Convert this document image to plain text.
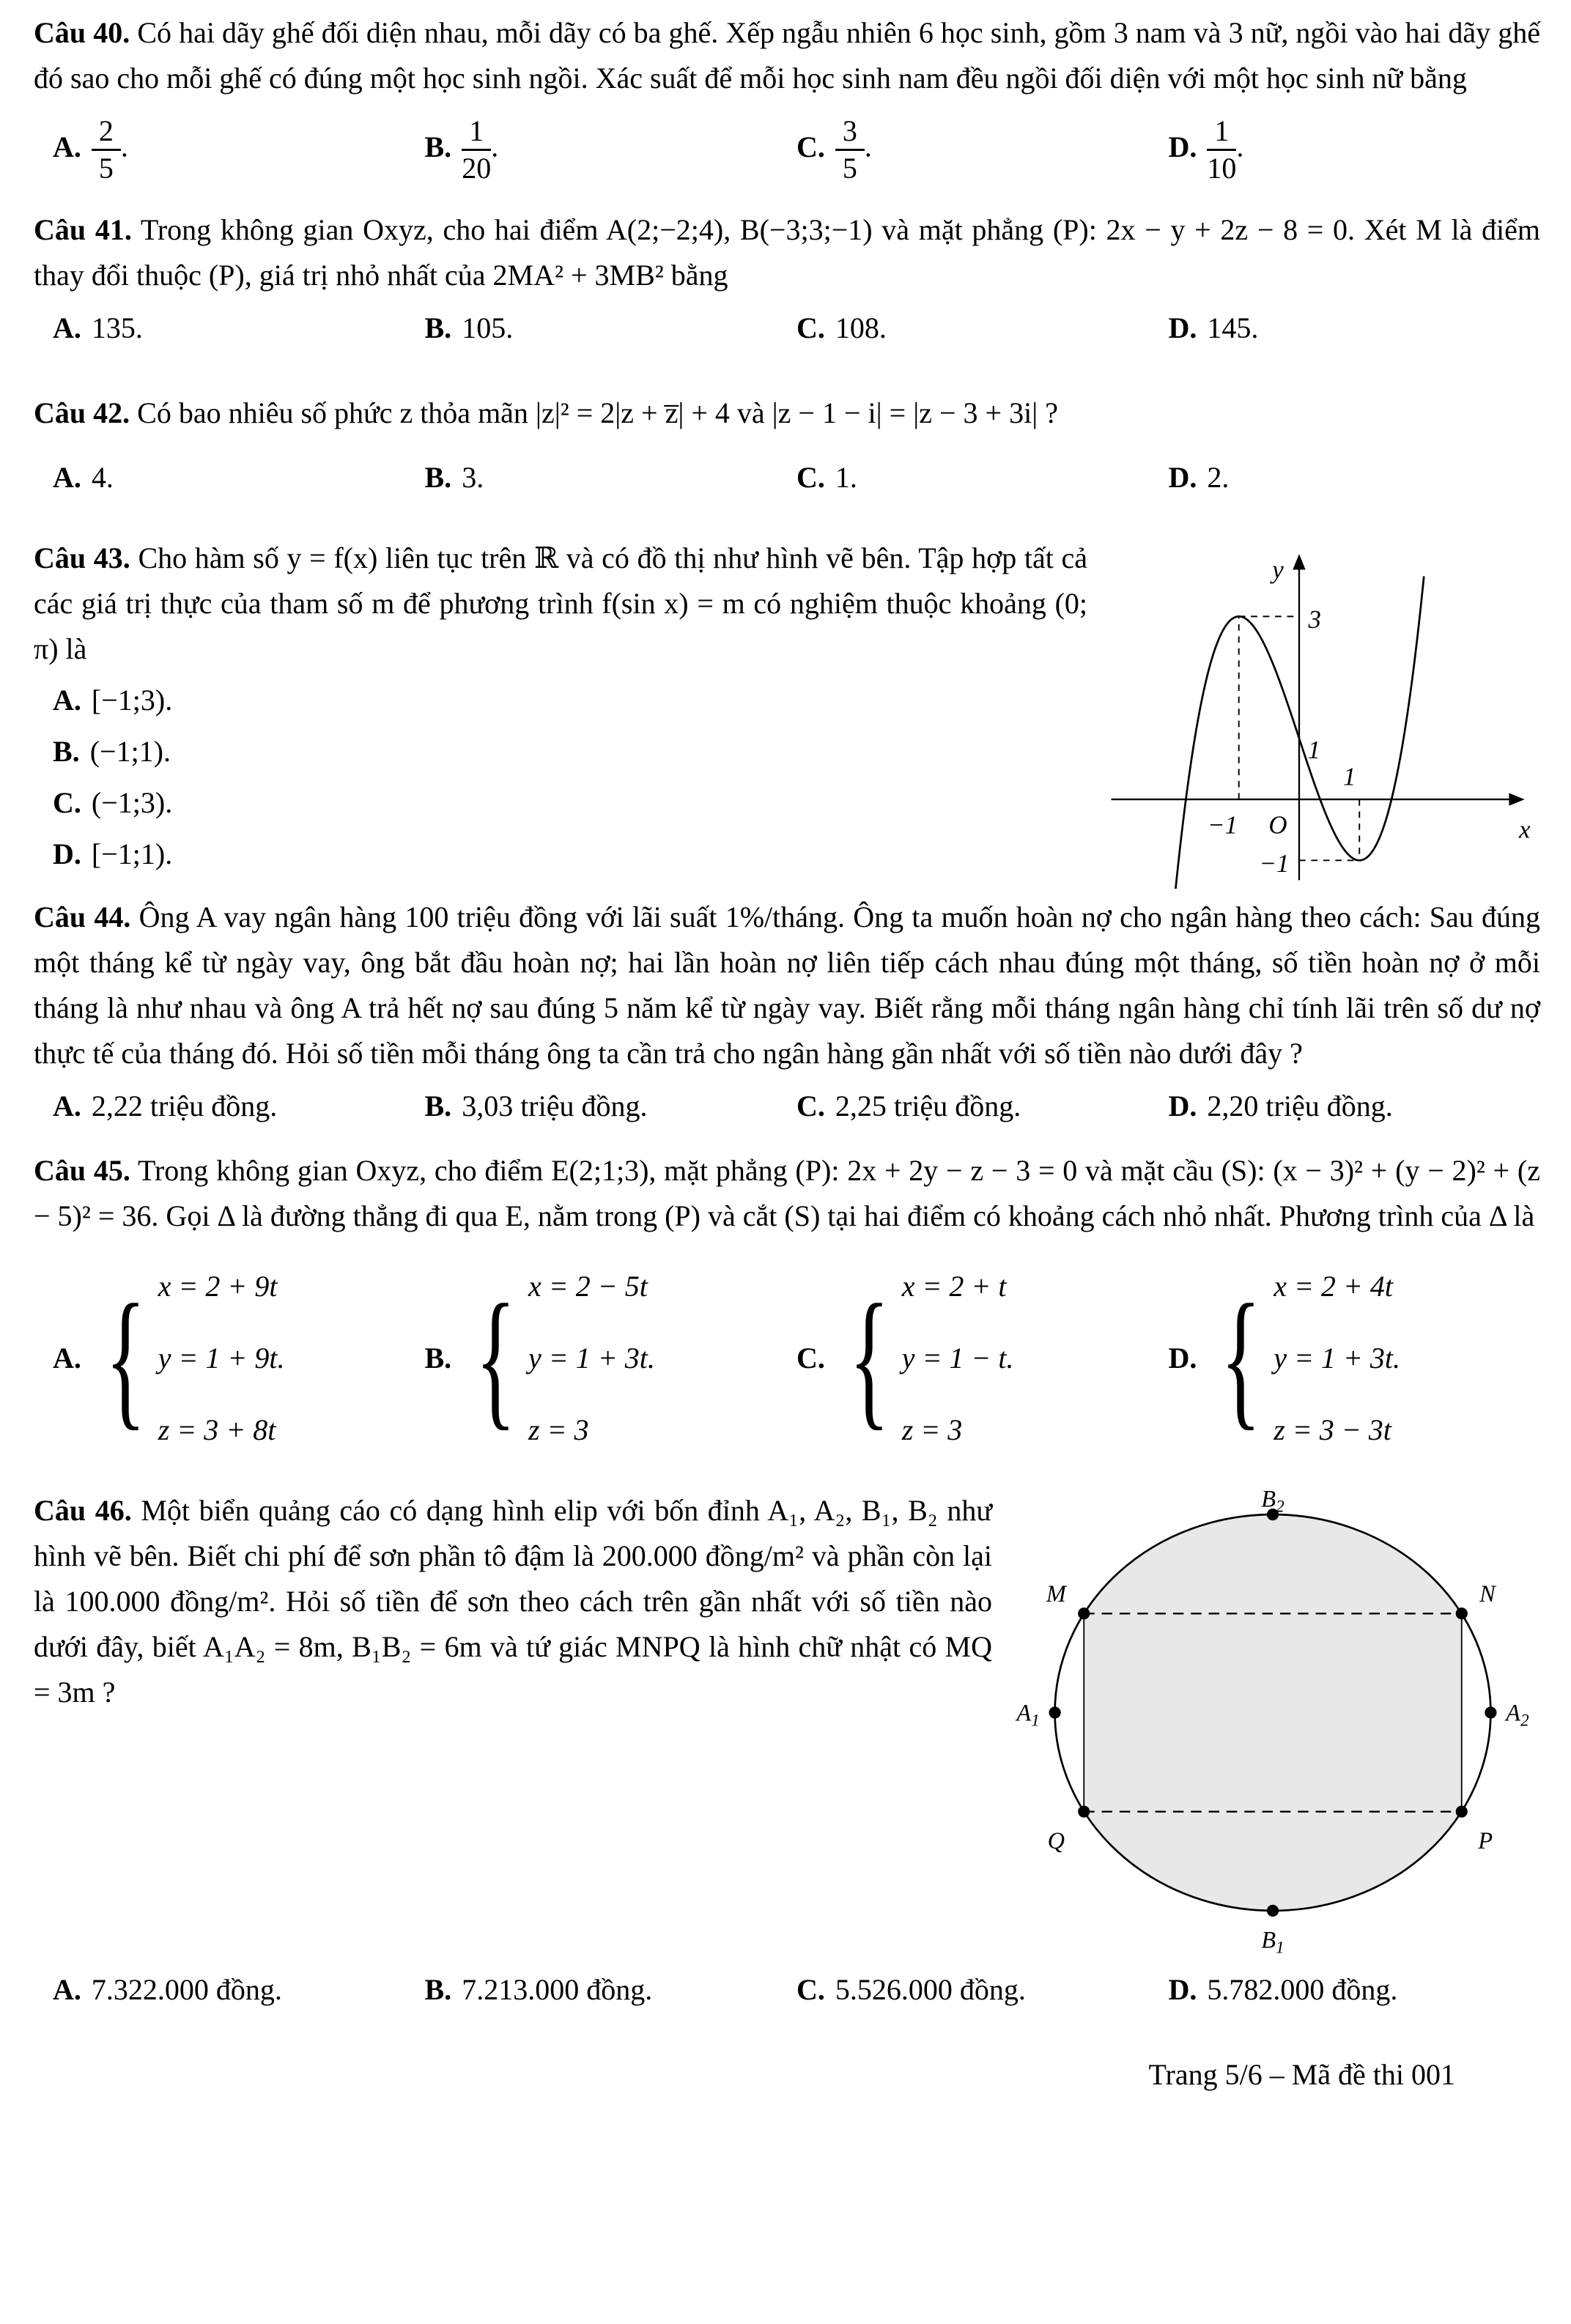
Câu 40. Có hai dãy ghế đối diện nhau, mỗi dãy có ba ghế. Xếp ngẫu nhiên 6 học sinh, gồm 3 nam và 3 nữ, ngồi vào hai dãy ghế đó sao cho mỗi ghế có đúng một học sinh ngồi. Xác suất để mỗi học sinh nam đều ngồi đối diện với một học sinh nữ bằng

A. $\frac{2}{5}$ .	B. $\frac{1}{20}$ .	C. $\frac{3}{5}$ .	D. $\frac{1}{10}$ .

Câu 41. Trong không gian Oxyz, cho hai điểm A(2;−2;4), B(−3;3;−1) và mặt phẳng (P): 2x − y + 2z − 8 = 0. Xét M là điểm thay đổi thuộc (P), giá trị nhỏ nhất của 2MA² + 3MB² bằng

A. 135.	B. 105.	C. 108.	D. 145.

Câu 42. Có bao nhiêu số phức z thỏa mãn |z|² = 2|z + z̅| + 4 và |z − 1 − i| = |z − 3 + 3i| ?

A. 4.	B. 3.	C. 1.	D. 2.

Câu 43. Cho hàm số y = f(x) liên tục trên ℝ và có đồ thị như hình vẽ bên. Tập hợp tất cả các giá trị thực của tham số m để phương trình f(sin x) = m có nghiệm thuộc khoảng (0; π) là

A. [−1;3).
B. (−1;1).
C. (−1;3).
D. [−1;1).
y
x
O
3
1
1
−1
−1

Câu 44. Ông A vay ngân hàng 100 triệu đồng với lãi suất 1%/tháng. Ông ta muốn hoàn nợ cho ngân hàng theo cách: Sau đúng một tháng kể từ ngày vay, ông bắt đầu hoàn nợ; hai lần hoàn nợ liên tiếp cách nhau đúng một tháng, số tiền hoàn nợ ở mỗi tháng là như nhau và ông A trả hết nợ sau đúng 5 năm kể từ ngày vay. Biết rằng mỗi tháng ngân hàng chỉ tính lãi trên số dư nợ thực tế của tháng đó. Hỏi số tiền mỗi tháng ông ta cần trả cho ngân hàng gần nhất với số tiền nào dưới đây ?

A. 2,22 triệu đồng.	B. 3,03 triệu đồng.	C. 2,25 triệu đồng.	D. 2,20 triệu đồng.

Câu 45. Trong không gian Oxyz, cho điểm E(2;1;3), mặt phẳng (P): 2x + 2y − z − 3 = 0 và mặt cầu (S): (x − 3)² + (y − 2)² + (z − 5)² = 36. Gọi Δ là đường thẳng đi qua E, nằm trong (P) và cắt (S) tại hai điểm có khoảng cách nhỏ nhất. Phương trình của Δ là

A. { x = 2 + 9t
y = 1 + 9t.
z = 3 + 8t
B. { x = 2 − 5t
y = 1 + 3t.
z = 3
C. { x = 2 + t
y = 1 − t.
z = 3
D. { x = 2 + 4t
y = 1 + 3t.
z = 3 − 3t

Câu 46. Một biển quảng cáo có dạng hình elip với bốn đỉnh A₁, A₂, B₁, B₂ như hình vẽ bên. Biết chi phí để sơn phần tô đậm là 200.000 đồng/m² và phần còn lại là 100.000 đồng/m². Hỏi số tiền để sơn theo cách trên gần nhất với số tiền nào dưới đây, biết A₁A₂ = 8m, B₁B₂ = 6m và tứ giác MNPQ là hình chữ nhật có MQ = 3m ?

$B_2$
$B_1$
$A_1$	$A_2$
M	N
Q	P
A. 7.322.000 đồng.	B. 7.213.000 đồng.	C. 5.526.000 đồng.	D. 5.782.000 đồng.
Trang 5/6 – Mã đề thi 001
